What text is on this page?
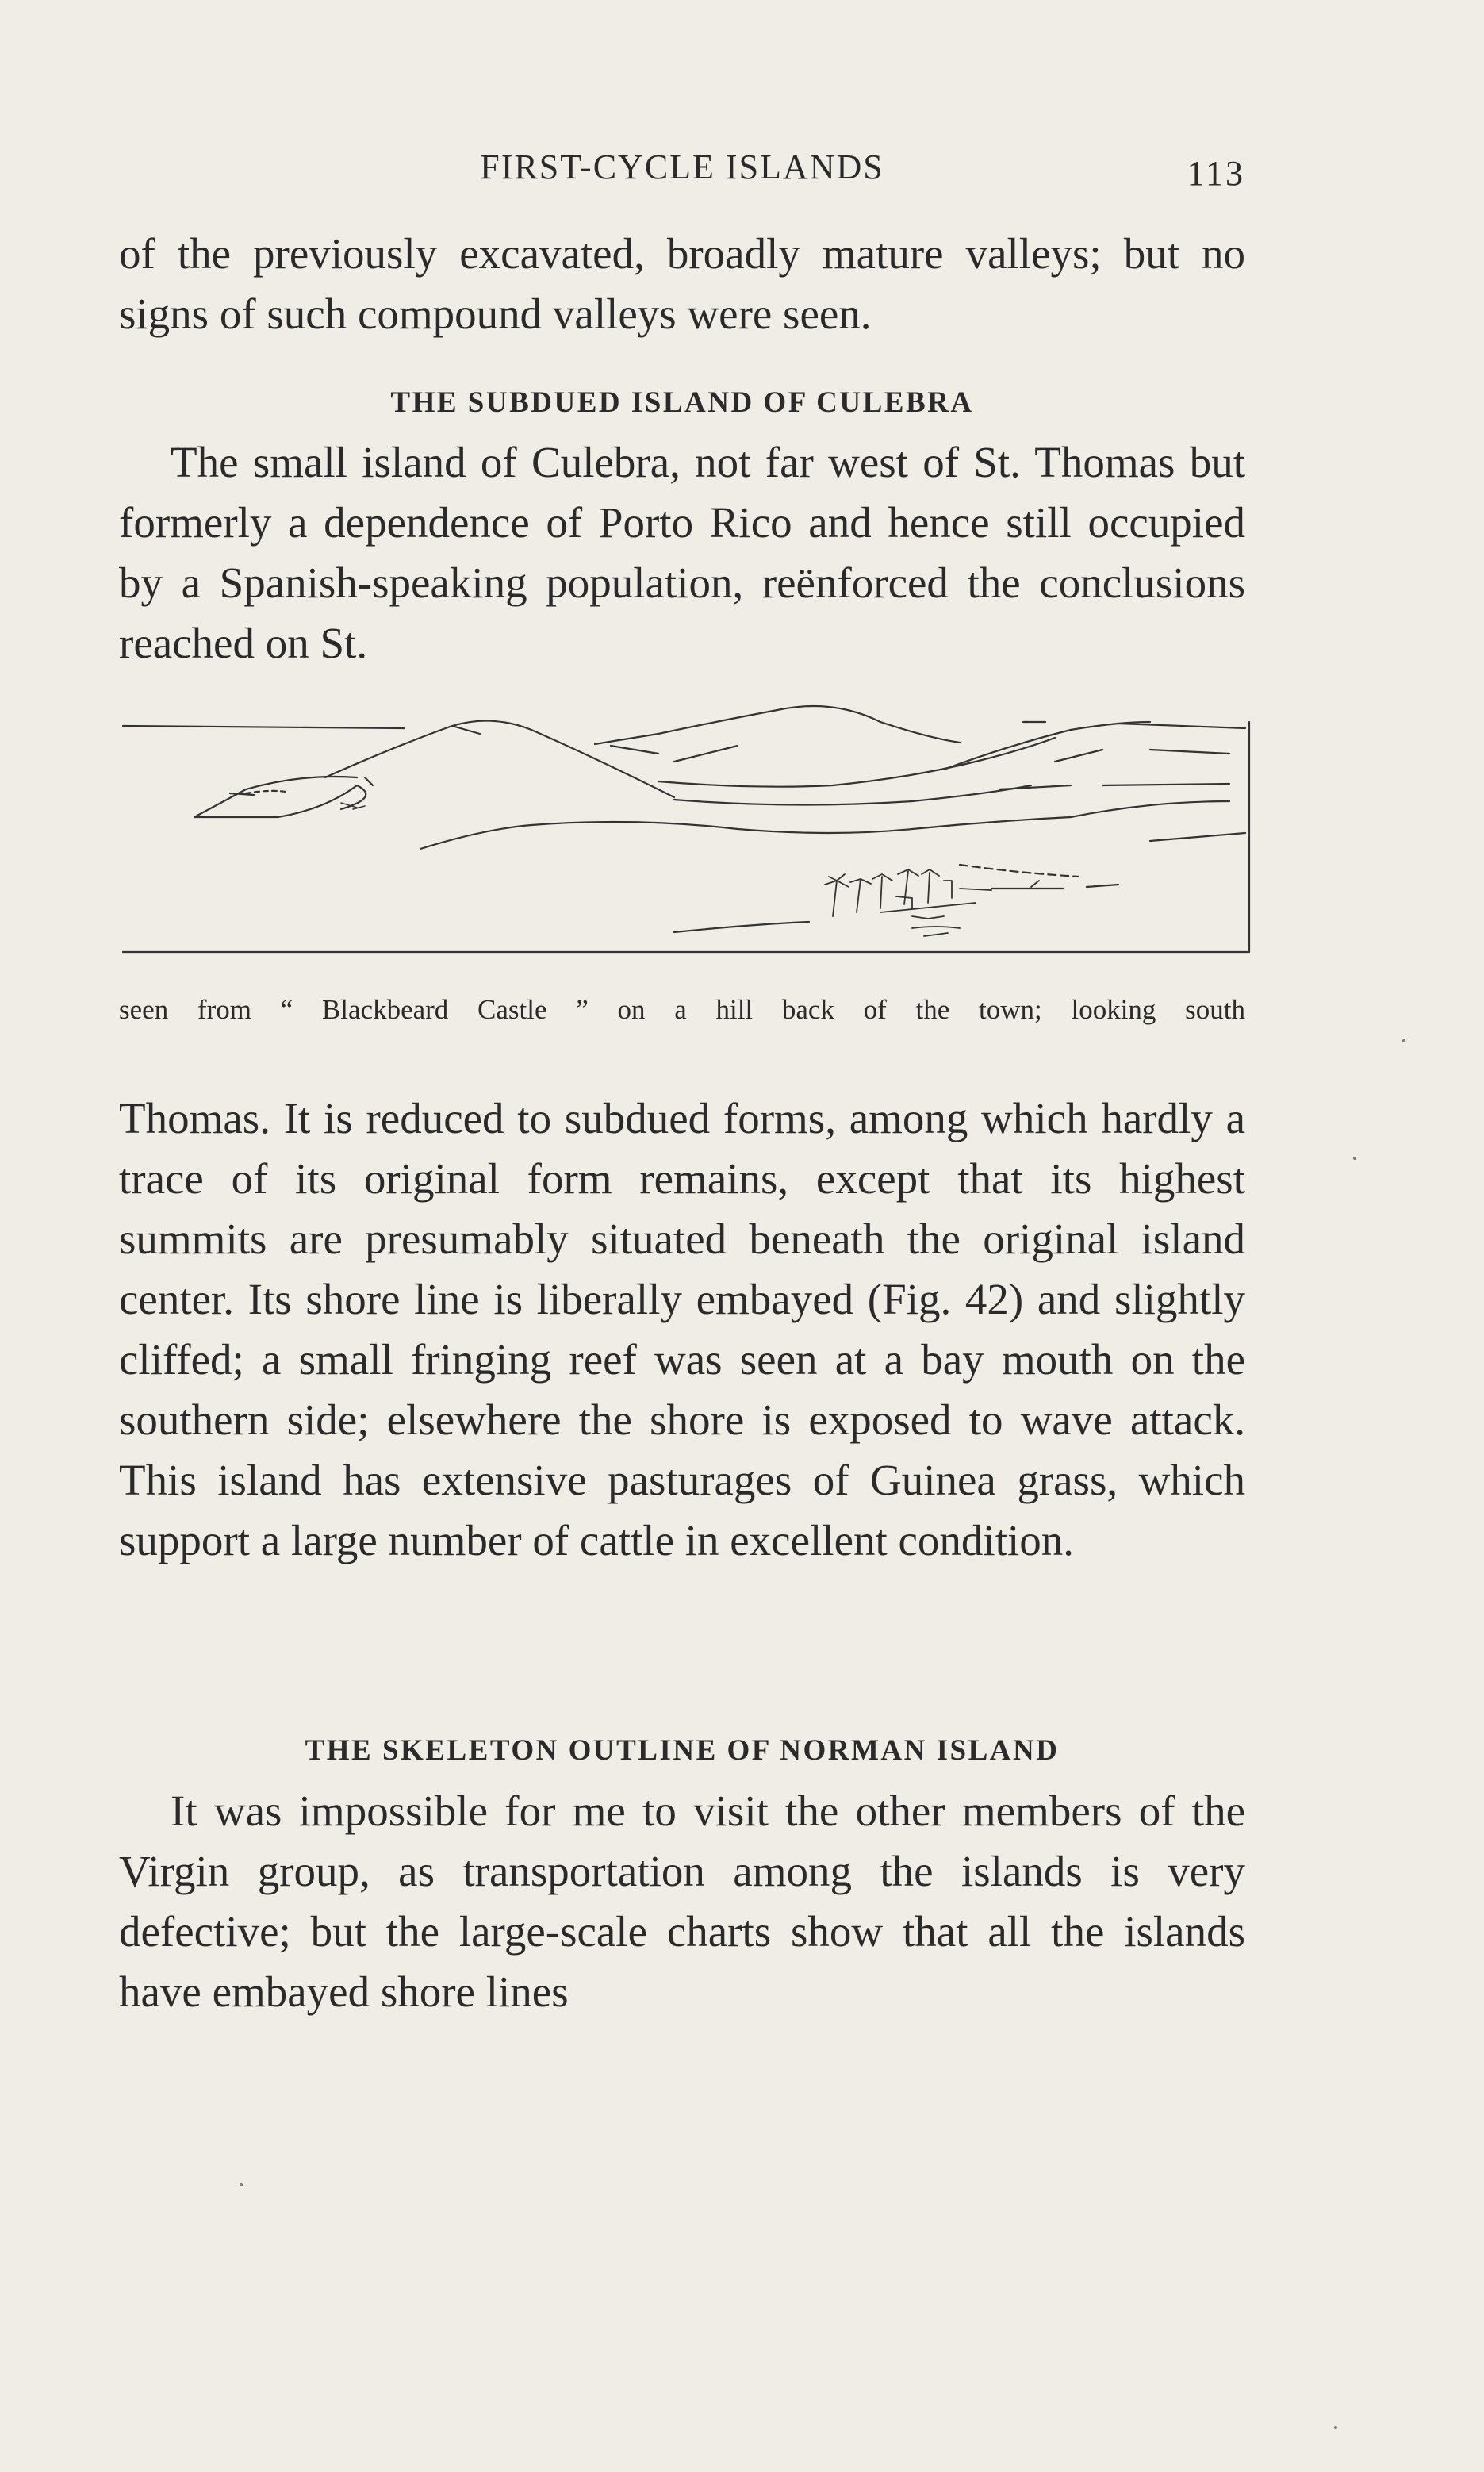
FIRST-CYCLE ISLANDS	113

of the previously excavated, broadly mature valleys; but no signs of such compound valleys were seen.

THE SUBDUED ISLAND OF CULEBRA

The small island of Culebra, not far west of St. Thomas but formerly a dependence of Porto Rico and hence still occupied by a Spanish-speaking population, reënforced the conclusions reached on St.

seen from “ Blackbeard Castle ” on a hill back of the town; looking south

Thomas. It is reduced to subdued forms, among which hardly a trace of its original form remains, except that its highest summits are presumably situated beneath the original island center. Its shore line is liberally embayed (Fig. 42) and slightly cliffed; a small fringing reef was seen at a bay mouth on the southern side; elsewhere the shore is exposed to wave attack. This island has extensive pasturages of Guinea grass, which support a large number of cattle in excellent condition.

THE SKELETON OUTLINE OF NORMAN ISLAND

It was impossible for me to visit the other members of the Virgin group, as transportation among the islands is very defective; but the large-scale charts show that all the islands have embayed shore lines
